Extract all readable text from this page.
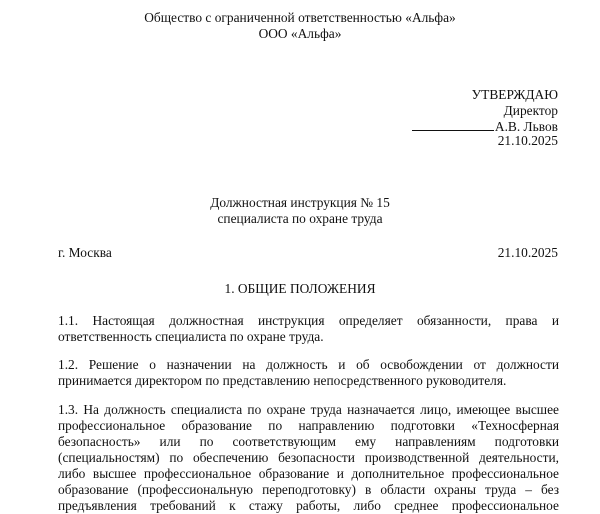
Общество с ограниченной ответственностью «Альфа»
ООО «Альфа»
УТВЕРЖДАЮ
Директор
А.В. Львов
21.10.2025
Должностная инструкция № 15
специалиста по охране труда
г. Москва	21.10.2025
1. ОБЩИЕ ПОЛОЖЕНИЯ
1.1. Настоящая должностная инструкция определяет обязанности, права и
ответственность специалиста по охране труда.
1.2. Решение о назначении на должность и об освобождении от должности
принимается директором по представлению непосредственного руководителя.
1.3. На должность специалиста по охране труда назначается лицо, имеющее высшее
профессиональное образование по направлению подготовки «Техносферная
безопасность» или по соответствующим ему направлениям подготовки
(специальностям) по обеспечению безопасности производственной деятельности,
либо высшее профессиональное образование и дополнительное профессиональное
образование (профессиональную переподготовку) в области охраны труда – без
предъявления требований к стажу работы, либо среднее профессиональное
